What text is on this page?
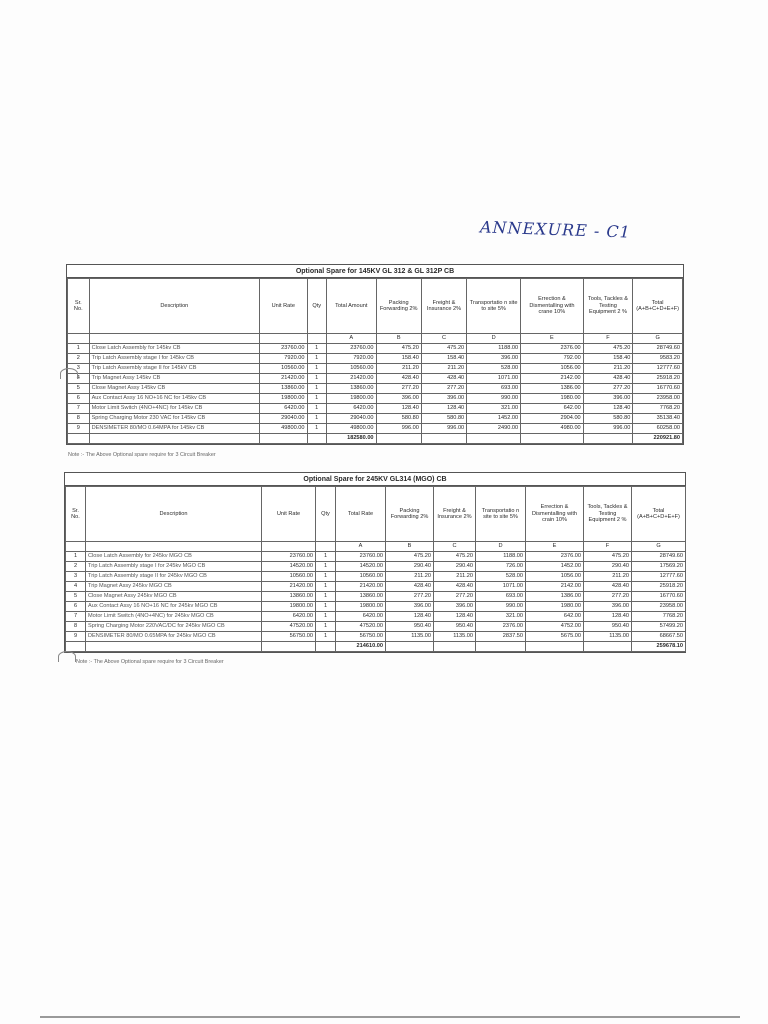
ANNEXURE - C1
Optional Spare for 145KV GL 312 & GL 312P CB
Sr. No.	Description	Unit Rate	Qty	Total Amount	Packing Forwarding 2%	Freight & Insurance 2%	Transportatio n site to site 5%	Errection & Dismentalling with crane 10%	Tools, Tackles & Testing Equipment 2 %	Total (A+B+C+D+E+F)
				A	B	C	D	E	F	G
1	Close Latch Assembly for 145kv CB	23760.00	1	23760.00	475.20	475.20	1188.00	2376.00	475.20	28749.60
2	Trip Latch Assembly stage I for 145kv CB	7920.00	1	7920.00	158.40	158.40	396.00	792.00	158.40	9583.20
3	Trip Latch Assembly stage II for 145kV CB	10560.00	1	10560.00	211.20	211.20	528.00	1056.00	211.20	12777.60
4	Trip Magnet Assy 145kv CB	21420.00	1	21420.00	428.40	428.40	1071.00	2142.00	428.40	25918.20
5	Close Magnet Assy 145kv CB	13860.00	1	13860.00	277.20	277.20	693.00	1386.00	277.20	16770.60
6	Aux Contact Assy 16 NO+16 NC for 145kv CB	19800.00	1	19800.00	396.00	396.00	990.00	1980.00	396.00	23958.00
7	Motor Limit Switch (4NO+4NC) for 145kv CB	6420.00	1	6420.00	128.40	128.40	321.00	642.00	128.40	7768.20
8	Spring Charging Motor 230 VAC for 145kv CB	29040.00	1	29040.00	580.80	580.80	1452.00	2904.00	580.80	35138.40
9	DENSIMETER 80/MO 0.64MPA for 145kv CB	49800.00	1	49800.00	996.00	996.00	2490.00	4980.00	996.00	60258.00
				182580.00						220921.80
Note :- The Above Optional spare require for 3 Circuit Breaker
Optional Spare for 245KV GL314 (MGO) CB
Sr. No.	Description	Unit Rate	Qty	Total Rate	Packing Forwarding 2%	Freight & Insurance 2%	Transportatio n site to site 5%	Errection & Dismentalling with crain 10%	Tools, Tackles & Testing Equipment 2 %	Total (A+B+C+D+E+F)
				A	B	C	D	E	F	G
1	Close Latch Assembly for 245kv MGO CB	23760.00	1	23760.00	475.20	475.20	1188.00	2376.00	475.20	28749.60
2	Trip Latch Assembly stage I for 245kv MGO CB	14520.00	1	14520.00	290.40	290.40	726.00	1452.00	290.40	17569.20
3	Trip Latch Assembly stage II for 245kv MGO CB	10560.00	1	10560.00	211.20	211.20	528.00	1056.00	211.20	12777.60
4	Trip Magnet Assy 245kv MGO CB	21420.00	1	21420.00	428.40	428.40	1071.00	2142.00	428.40	25918.20
5	Close Magnet Assy 245kv MGO CB	13860.00	1	13860.00	277.20	277.20	693.00	1386.00	277.20	16770.60
6	Aux Contact Assy 16 NO+16 NC for 245kv MGO CB	19800.00	1	19800.00	396.00	396.00	990.00	1980.00	396.00	23958.00
7	Motor Limit Switch (4NO+4NC) for 245kv MGO CB	6420.00	1	6420.00	128.40	128.40	321.00	642.00	128.40	7768.20
8	Spring Charging Motor 220VAC/DC for 245kv MGO CB	47520.00	1	47520.00	950.40	950.40	2376.00	4752.00	950.40	57499.20
9	DENSIMETER 80/MO 0.65MPA for 245kv MGO CB	56750.00	1	56750.00	1135.00	1135.00	2837.50	5675.00	1135.00	68667.50
				214610.00						259678.10
Note :- The Above Optional spare require for 3 Circuit Breaker
